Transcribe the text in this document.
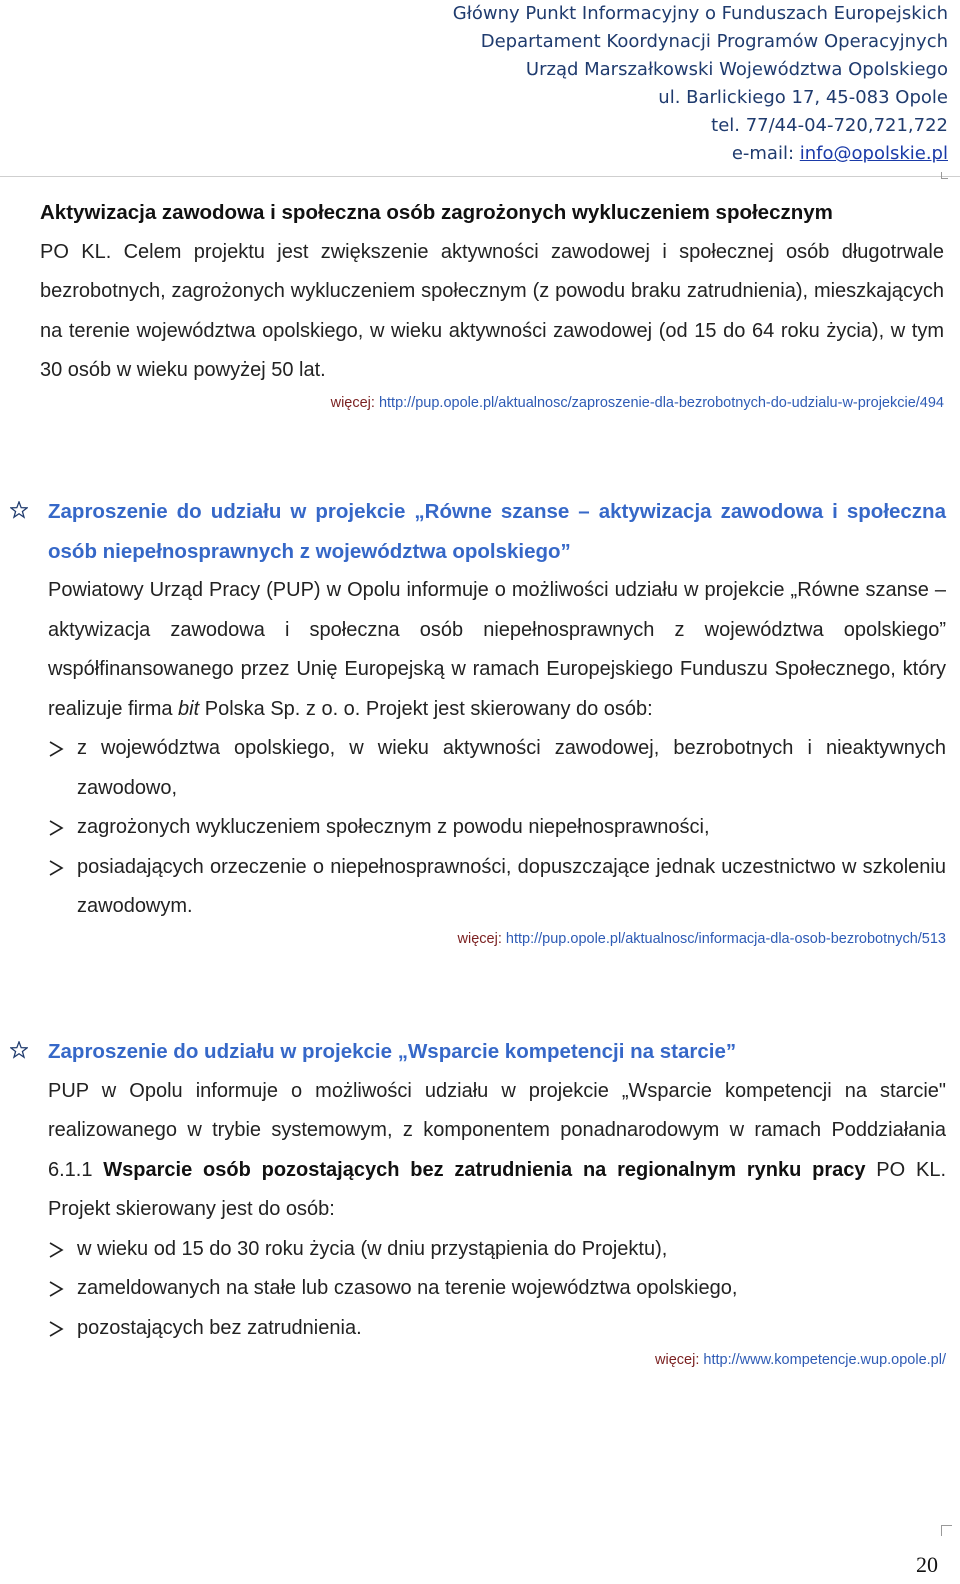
Główny Punkt Informacyjny o Funduszach Europejskich
Departament Koordynacji Programów Operacyjnych
Urząd Marszałkowski Województwa Opolskiego
ul. Barlickiego 17, 45-083 Opole
tel. 77/44-04-720,721,722
e-mail: info@opolskie.pl
Aktywizacja zawodowa i społeczna osób zagrożonych wykluczeniem społecznym
PO KL. Celem projektu jest zwiększenie aktywności zawodowej i społecznej osób długotrwale bezrobotnych, zagrożonych wykluczeniem społecznym (z powodu braku zatrudnienia), mieszkających na terenie województwa opolskiego, w wieku aktywności zawodowej (od 15 do 64 roku życia), w tym 30 osób w wieku powyżej 50 lat.
więcej: http://pup.opole.pl/aktualnosc/zaproszenie-dla-bezrobotnych-do-udzialu-w-projekcie/494
Zaproszenie do udziału w projekcie „Równe szanse – aktywizacja zawodowa i społeczna osób niepełnosprawnych z województwa opolskiego”
Powiatowy Urząd Pracy (PUP) w Opolu informuje o możliwości udziału w projekcie „Równe szanse – aktywizacja zawodowa i społeczna osób niepełnosprawnych z województwa opolskiego” współfinansowanego przez Unię Europejską w ramach Europejskiego Funduszu Społecznego, który realizuje firma bit Polska Sp. z o. o. Projekt jest skierowany do osób:
z województwa opolskiego, w wieku aktywności zawodowej, bezrobotnych i nieaktywnych zawodowo,
zagrożonych wykluczeniem społecznym z powodu niepełnosprawności,
posiadających orzeczenie o niepełnosprawności, dopuszczające jednak uczestnictwo w szkoleniu zawodowym.
więcej: http://pup.opole.pl/aktualnosc/informacja-dla-osob-bezrobotnych/513
Zaproszenie do udziału w projekcie „Wsparcie kompetencji na starcie”
PUP w Opolu informuje o możliwości udziału w projekcie „Wsparcie kompetencji na starcie" realizowanego w trybie systemowym, z komponentem ponadnarodowym w ramach Poddziałania 6.1.1 Wsparcie osób pozostających bez zatrudnienia na regionalnym rynku pracy PO KL. Projekt skierowany jest do osób:
w wieku od 15 do 30 roku życia (w dniu przystąpienia do Projektu),
zameldowanych na stałe lub czasowo na terenie województwa opolskiego,
pozostających bez zatrudnienia.
więcej: http://www.kompetencje.wup.opole.pl/
20
